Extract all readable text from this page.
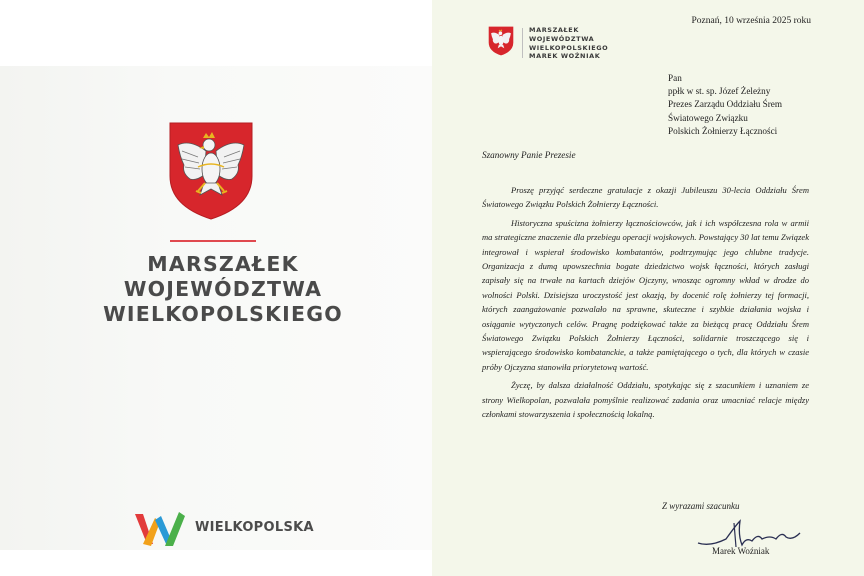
MARSZAŁEK
WOJEWÓDZTWA
WIELKOPOLSKIEGO
WIELKOPOLSKA
MARSZAŁEK
WOJEWÓDZTWA
WIELKOPOLSKIEGO
MAREK WOŹNIAK
Poznań, 10 września 2025 roku
Pan
ppłk w st. sp. Józef Żeleżny
Prezes Zarządu Oddziału Śrem
Światowego Związku
Polskich Żołnierzy Łączności
Szanowny Panie Prezesie

Proszę przyjąć serdeczne gratulacje z okazji Jubileuszu 30-lecia Oddziału Śrem Światowego Związku Polskich Żołnierzy Łączności.

Historyczna spuścizna żołnierzy łącznościowców, jak i ich współczesna rola w armii ma strategiczne znaczenie dla przebiegu operacji wojskowych. Powstający 30 lat temu Związek integrował i wspierał środowisko kombatantów, podtrzymując jego chlubne tradycje. Organizacja z dumą upowszechnia bogate dziedzictwo wojsk łączności, których zasługi zapisały się na trwałe na kartach dziejów Ojczyny, wnosząc ogromny wkład w drodze do wolności Polski. Dzisiejsza uroczystość jest okazją, by docenić rolę żołnierzy tej formacji, których zaangażowanie pozwalało na sprawne, skuteczne i szybkie działania wojska i osiąganie wytyczonych celów. Pragnę podziękować także za bieżącą pracę Oddziału Śrem Światowego Związku Polskich Żołnierzy Łączności, solidarnie troszczącego się i wspierającego środowisko kombatanckie, a także pamiętającego o tych, dla których w czasie próby Ojczyzna stanowiła priorytetową wartość.

Życzę, by dalsza działalność Oddziału, spotykając się z szacunkiem i uznaniem ze strony Wielkopolan, pozwalała pomyślnie realizować zadania oraz umacniać relacje między członkami stowarzyszenia i społecznością lokalną.

Z wyrazami szacunku
Marek Woźniak
